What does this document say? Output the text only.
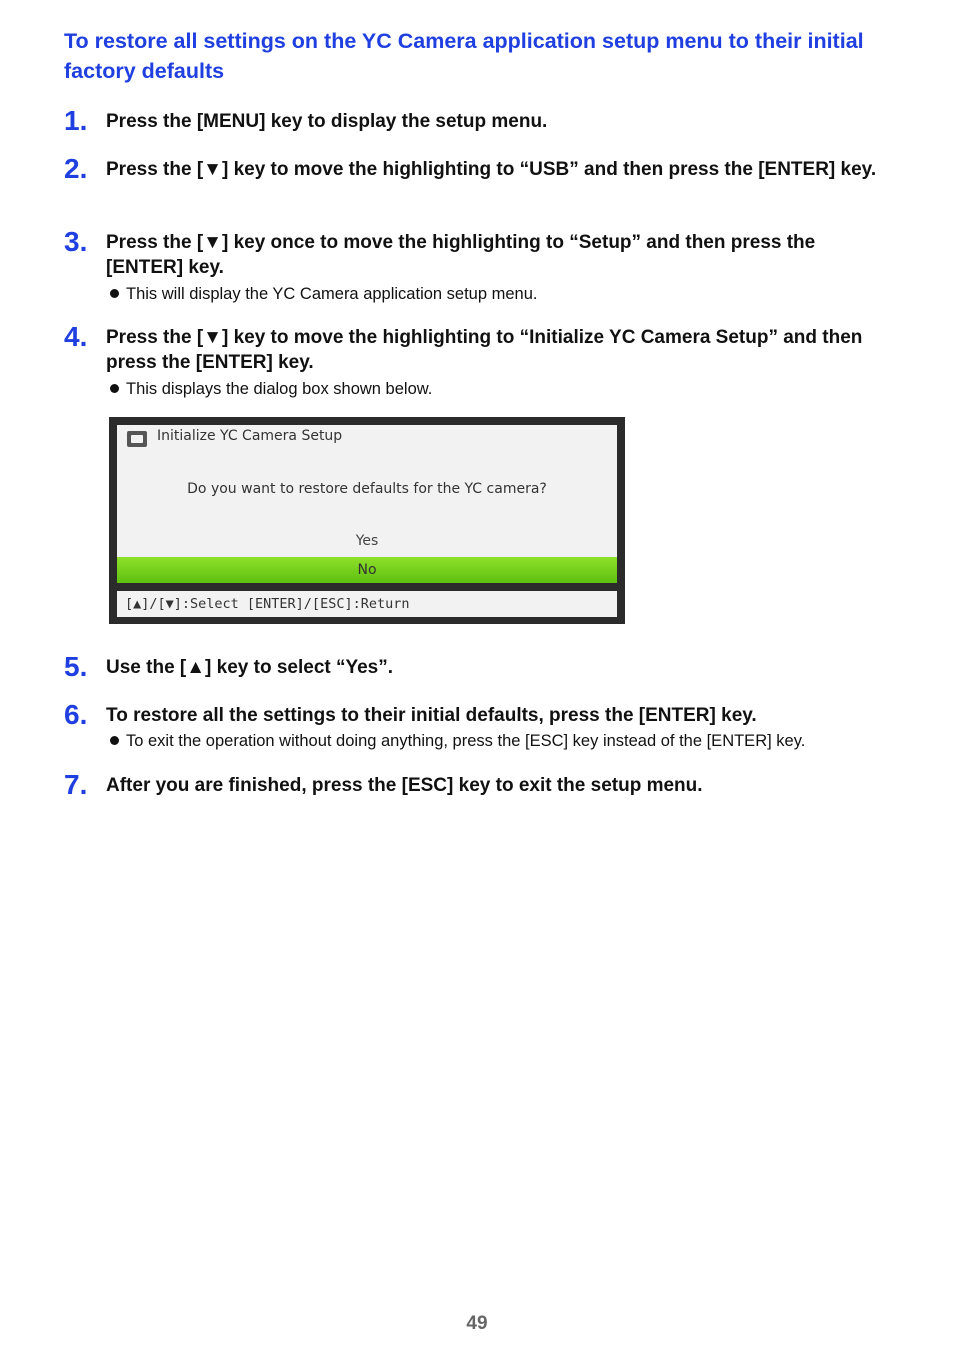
To restore all settings on the YC Camera application setup menu to their initial factory defaults
1. Press the [MENU] key to display the setup menu.
2. Press the [▼] key to move the highlighting to “USB” and then press the [ENTER] key.
3. Press the [▼] key once to move the highlighting to “Setup” and then press the [ENTER] key.
This will display the YC Camera application setup menu.
4. Press the [▼] key to move the highlighting to “Initialize YC Camera Setup” and then press the [ENTER] key.
This displays the dialog box shown below.
Initialize YC Camera Setup
Do you want to restore defaults for the YC camera?
Yes
No
[▲]/[▼]:Select [ENTER]/[ESC]:Return
5. Use the [▲] key to select “Yes”.
6. To restore all the settings to their initial defaults, press the [ENTER] key.
To exit the operation without doing anything, press the [ESC] key instead of the [ENTER] key.
7. After you are finished, press the [ESC] key to exit the setup menu.
49
